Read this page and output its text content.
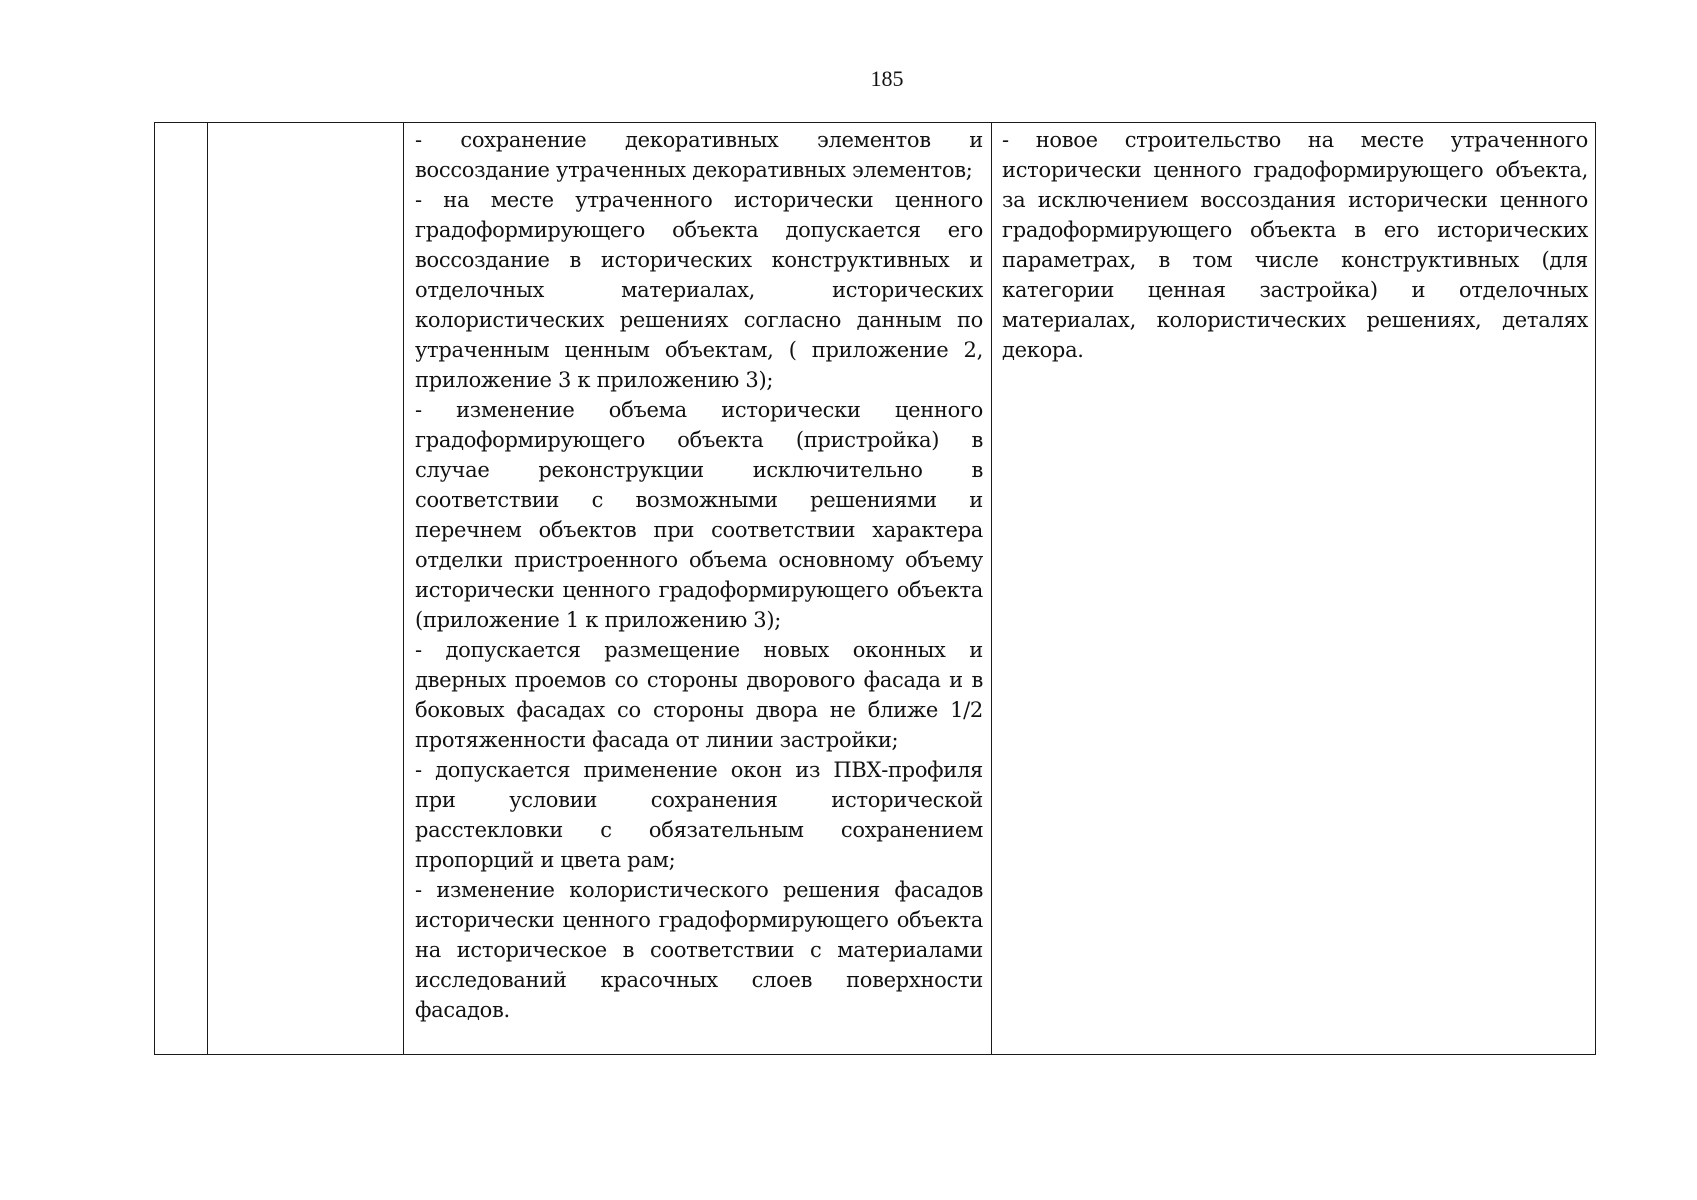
185

- сохранение декоративных элементов и воссоздание утраченных декоративных элементов;

- на месте утраченного исторически ценного градоформирующего объекта допускается его воссоздание в исторических конструктивных и отделочных материалах, исторических колористических решениях согласно данным по утраченным ценным объектам, ( приложение 2, приложение 3 к приложению 3);

- изменение объема исторически ценного градоформирующего объекта (пристройка) в случае реконструкции исключительно в соответствии с возможными решениями и перечнем объектов при соответствии характера отделки пристроенного объема основному объему исторически ценного градоформирующего объекта (приложение 1 к приложению 3);

- допускается размещение новых оконных и дверных проемов со стороны дворового фасада и в боковых фасадах со стороны двора не ближе 1/2 протяженности фасада от линии застройки;

- допускается применение окон из ПВХ-профиля при условии сохранения исторической расстекловки с обязательным сохранением пропорций и цвета рам;

- изменение колористического решения фасадов исторически ценного градоформирующего объекта на историческое в соответствии с материалами исследований красочных слоев поверхности фасадов.

- новое строительство на месте утраченного исторически ценного градоформирующего объекта, за исключением воссоздания исторически ценного градоформирующего объекта в его исторических параметрах, в том числе конструктивных (для категории ценная застройка) и отделочных материалах, колористических решениях, деталях декора.
